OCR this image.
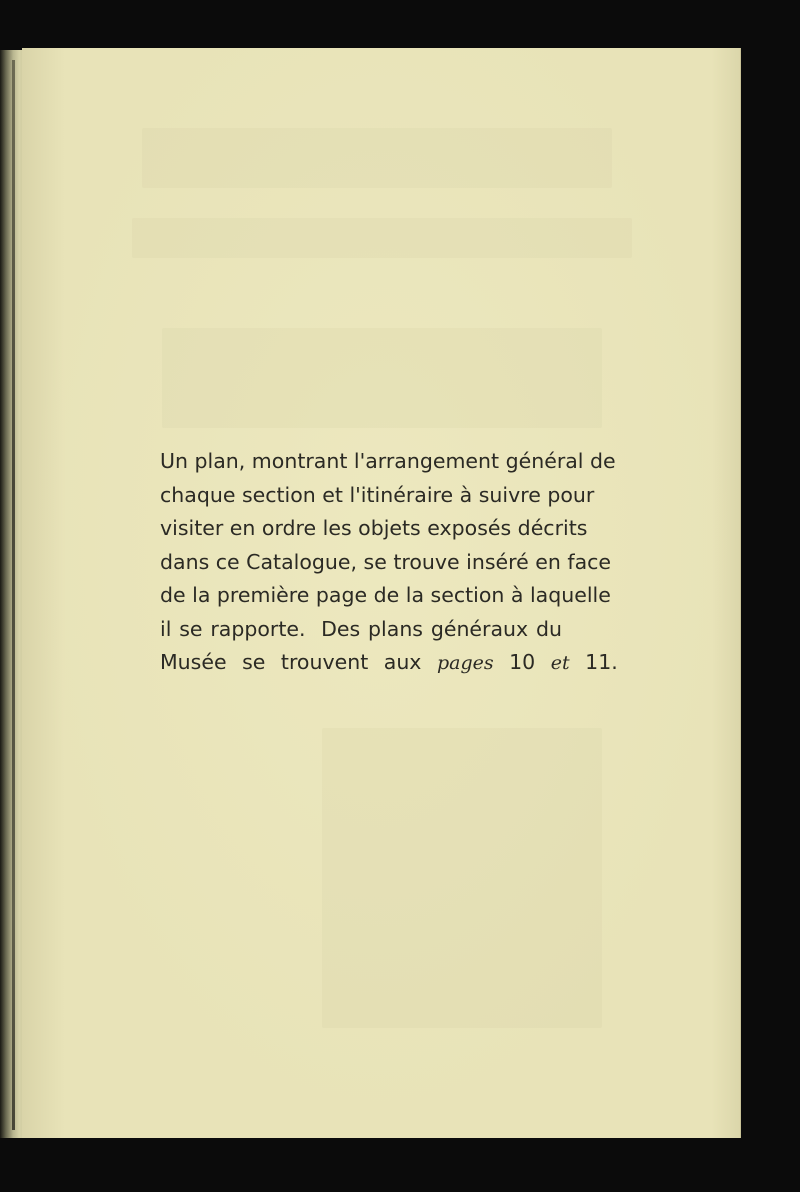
Un plan, montrant l'arrangement général de
chaque section et l'itinéraire à suivre pour
visiter en ordre les objets exposés décrits
dans ce Catalogue, se trouve inséré en face
de la première page de la section à laquelle
il se rapporte.  Des plans généraux du
Musée se trouvent aux pages 10 et 11.
